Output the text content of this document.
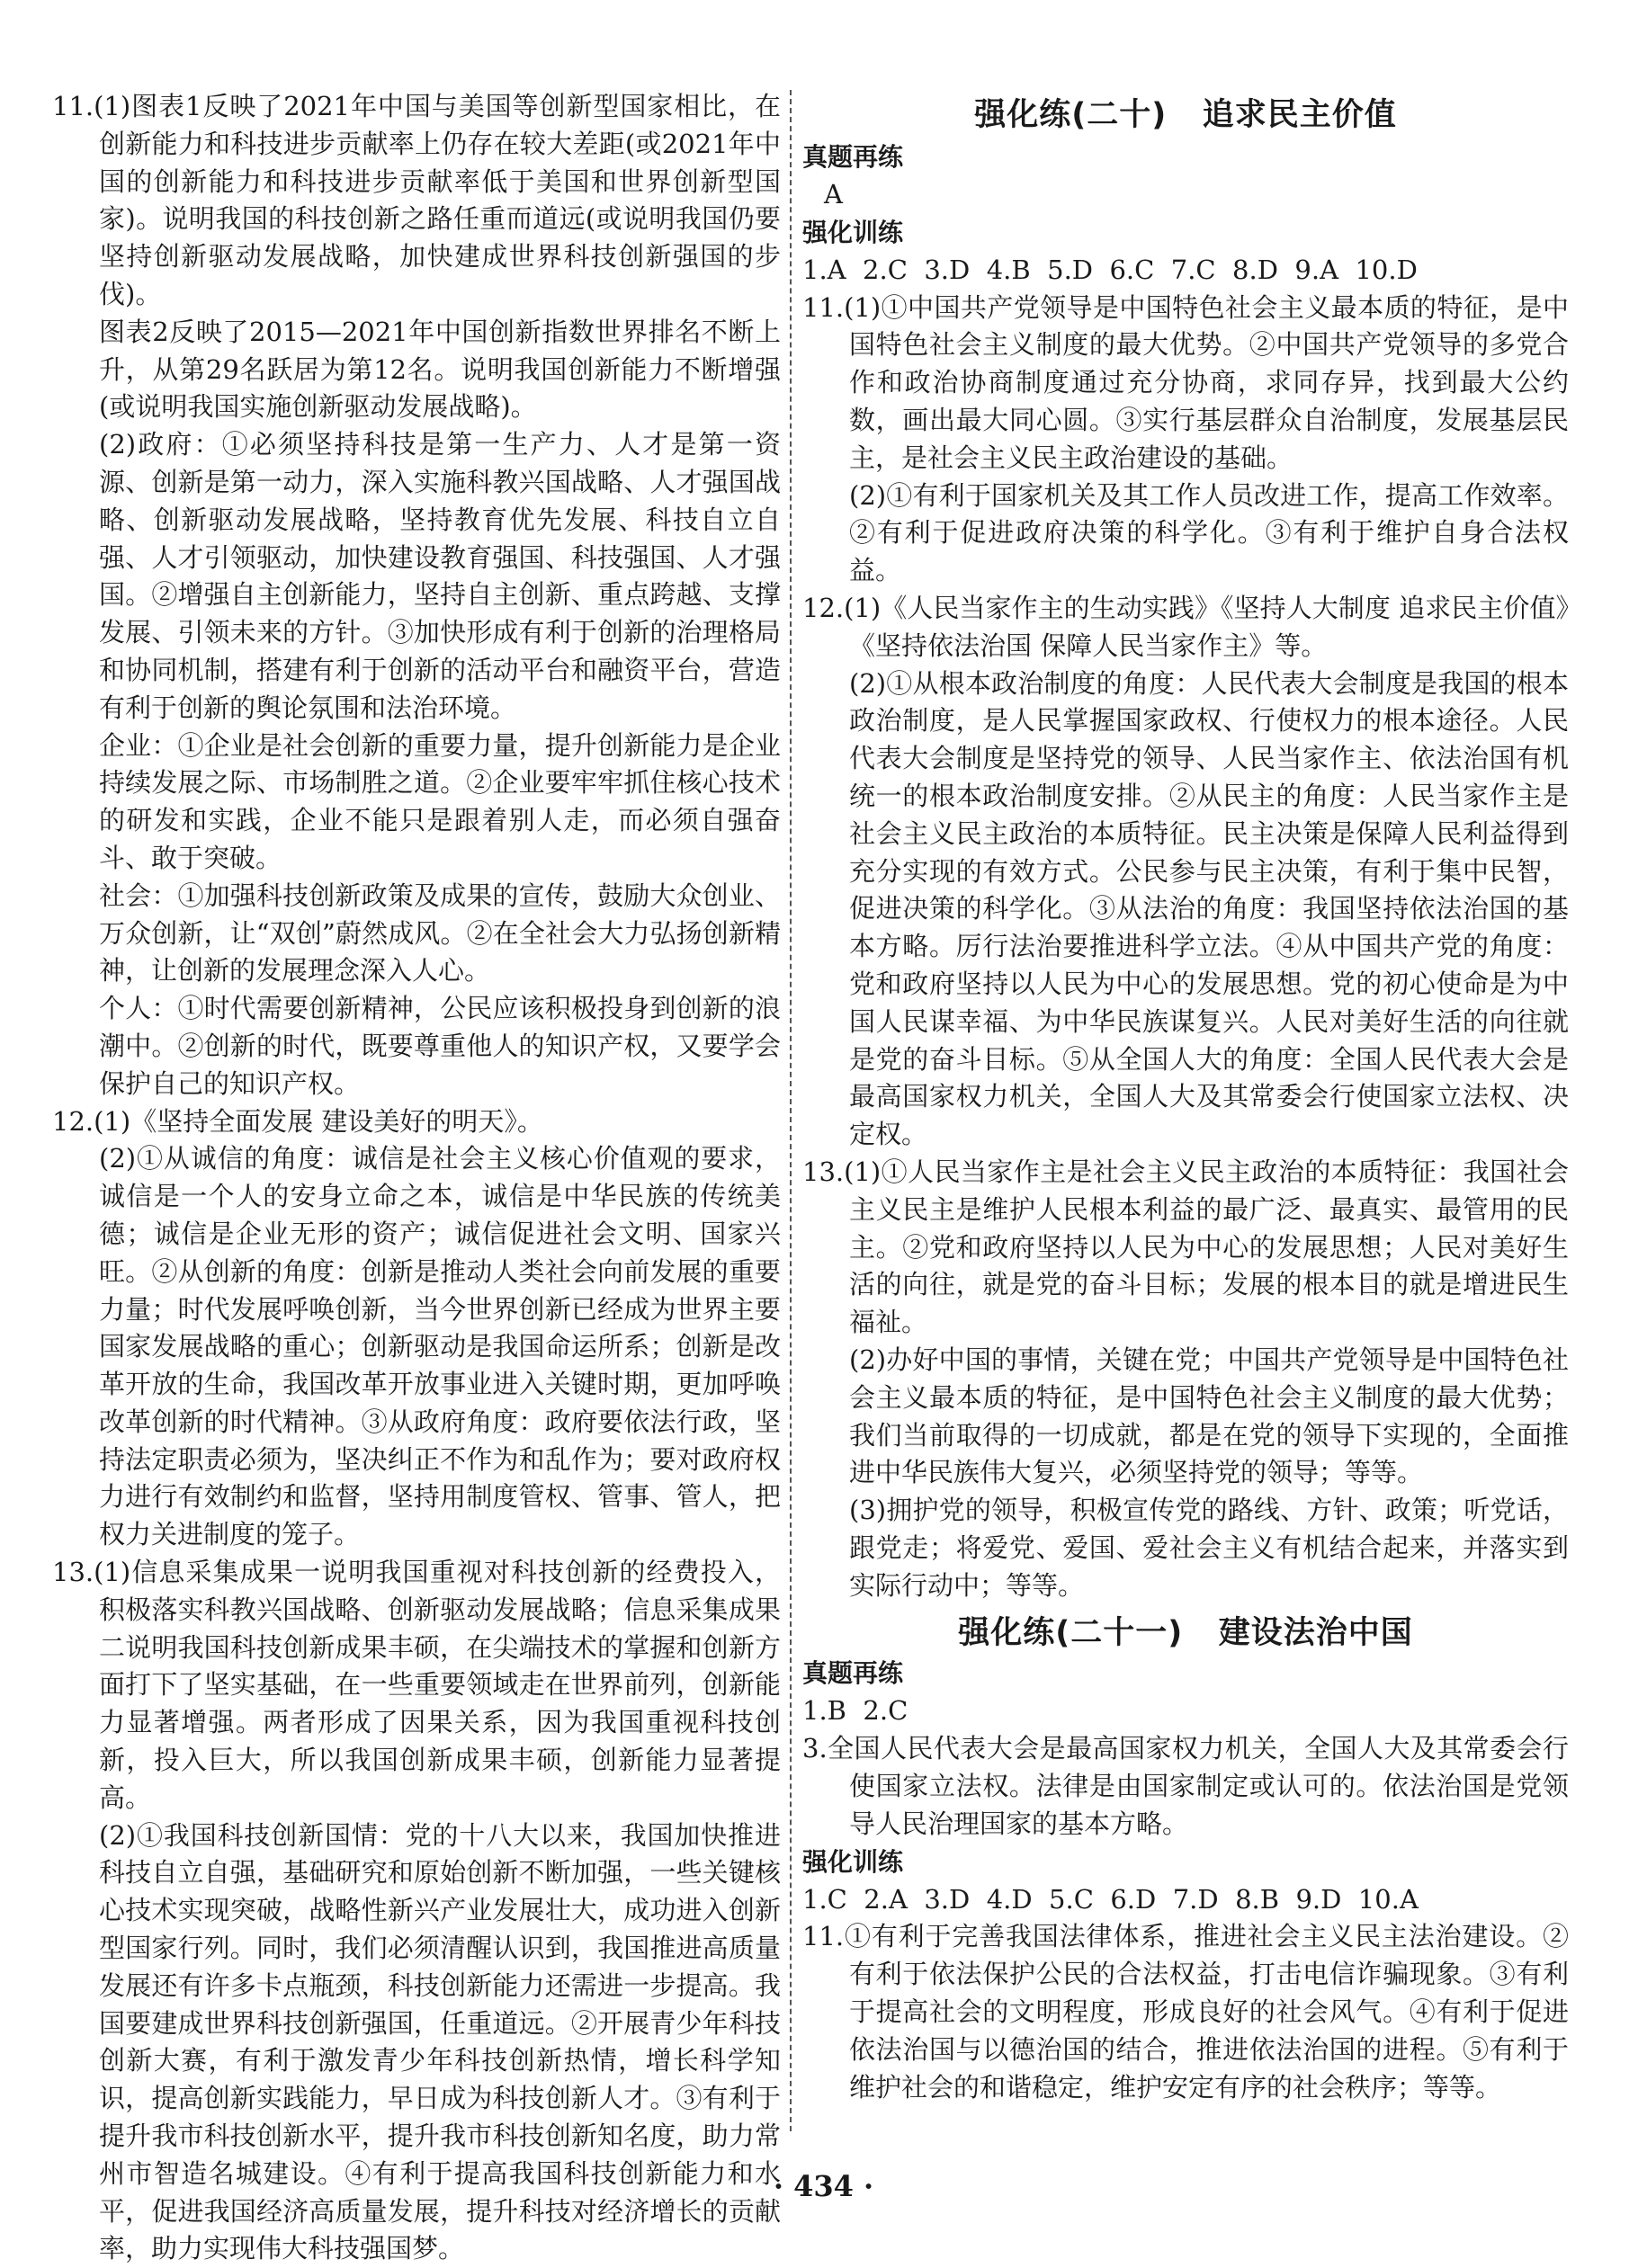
11.(1)图表1反映了2021年中国与美国等创新型国家相比，在创新能力和科技进步贡献率上仍存在较大差距(或2021年中国的创新能力和科技进步贡献率低于美国和世界创新型国家)。说明我国的科技创新之路任重而道远(或说明我国仍要坚持创新驱动发展战略，加快建成世界科技创新强国的步伐)。

图表2反映了2015—2021年中国创新指数世界排名不断上升，从第29名跃居为第12名。说明我国创新能力不断增强(或说明我国实施创新驱动发展战略)。

(2)政府：①必须坚持科技是第一生产力、人才是第一资源、创新是第一动力，深入实施科教兴国战略、人才强国战略、创新驱动发展战略，坚持教育优先发展、科技自立自强、人才引领驱动，加快建设教育强国、科技强国、人才强国。②增强自主创新能力，坚持自主创新、重点跨越、支撑发展、引领未来的方针。③加快形成有利于创新的治理格局和协同机制，搭建有利于创新的活动平台和融资平台，营造有利于创新的舆论氛围和法治环境。

企业：①企业是社会创新的重要力量，提升创新能力是企业持续发展之际、市场制胜之道。②企业要牢牢抓住核心技术的研发和实践，企业不能只是跟着别人走，而必须自强奋斗、敢于突破。

社会：①加强科技创新政策及成果的宣传，鼓励大众创业、万众创新，让“双创”蔚然成风。②在全社会大力弘扬创新精神，让创新的发展理念深入人心。

个人：①时代需要创新精神，公民应该积极投身到创新的浪潮中。②创新的时代，既要尊重他人的知识产权，又要学会保护自己的知识产权。

12.(1)《坚持全面发展 建设美好的明天》。

(2)①从诚信的角度：诚信是社会主义核心价值观的要求，诚信是一个人的安身立命之本，诚信是中华民族的传统美德；诚信是企业无形的资产；诚信促进社会文明、国家兴旺。②从创新的角度：创新是推动人类社会向前发展的重要力量；时代发展呼唤创新，当今世界创新已经成为世界主要国家发展战略的重心；创新驱动是我国命运所系；创新是改革开放的生命，我国改革开放事业进入关键时期，更加呼唤改革创新的时代精神。③从政府角度：政府要依法行政，坚持法定职责必须为，坚决纠正不作为和乱作为；要对政府权力进行有效制约和监督，坚持用制度管权、管事、管人，把权力关进制度的笼子。

13.(1)信息采集成果一说明我国重视对科技创新的经费投入，积极落实科教兴国战略、创新驱动发展战略；信息采集成果二说明我国科技创新成果丰硕，在尖端技术的掌握和创新方面打下了坚实基础，在一些重要领域走在世界前列，创新能力显著增强。两者形成了因果关系，因为我国重视科技创新，投入巨大，所以我国创新成果丰硕，创新能力显著提高。

(2)①我国科技创新国情：党的十八大以来，我国加快推进科技自立自强，基础研究和原始创新不断加强，一些关键核心技术实现突破，战略性新兴产业发展壮大，成功进入创新型国家行列。同时，我们必须清醒认识到，我国推进高质量发展还有许多卡点瓶颈，科技创新能力还需进一步提高。我国要建成世界科技创新强国，任重道远。②开展青少年科技创新大赛，有利于激发青少年科技创新热情，增长科学知识，提高创新实践能力，早日成为科技创新人才。③有利于提升我市科技创新水平，提升我市科技创新知名度，助力常州市智造名城建设。④有利于提高我国科技创新能力和水平，促进我国经济高质量发展，提升科技对经济增长的贡献率，助力实现伟大科技强国梦。

强化练(二十)   追求民主价值

真题再练

A

强化训练

1.A  2.C  3.D  4.B  5.D  6.C  7.C  8.D  9.A  10.D

11.(1)①中国共产党领导是中国特色社会主义最本质的特征，是中国特色社会主义制度的最大优势。②中国共产党领导的多党合作和政治协商制度通过充分协商，求同存异，找到最大公约数，画出最大同心圆。③实行基层群众自治制度，发展基层民主，是社会主义民主政治建设的基础。

(2)①有利于国家机关及其工作人员改进工作，提高工作效率。②有利于促进政府决策的科学化。③有利于维护自身合法权益。

12.(1)《人民当家作主的生动实践》《坚持人大制度 追求民主价值》《坚持依法治国 保障人民当家作主》等。

(2)①从根本政治制度的角度：人民代表大会制度是我国的根本政治制度，是人民掌握国家政权、行使权力的根本途径。人民代表大会制度是坚持党的领导、人民当家作主、依法治国有机统一的根本政治制度安排。②从民主的角度：人民当家作主是社会主义民主政治的本质特征。民主决策是保障人民利益得到充分实现的有效方式。公民参与民主决策，有利于集中民智，促进决策的科学化。③从法治的角度：我国坚持依法治国的基本方略。厉行法治要推进科学立法。④从中国共产党的角度：党和政府坚持以人民为中心的发展思想。党的初心使命是为中国人民谋幸福、为中华民族谋复兴。人民对美好生活的向往就是党的奋斗目标。⑤从全国人大的角度：全国人民代表大会是最高国家权力机关，全国人大及其常委会行使国家立法权、决定权。

13.(1)①人民当家作主是社会主义民主政治的本质特征：我国社会主义民主是维护人民根本利益的最广泛、最真实、最管用的民主。②党和政府坚持以人民为中心的发展思想；人民对美好生活的向往，就是党的奋斗目标；发展的根本目的就是增进民生福祉。

(2)办好中国的事情，关键在党；中国共产党领导是中国特色社会主义最本质的特征，是中国特色社会主义制度的最大优势；我们当前取得的一切成就，都是在党的领导下实现的，全面推进中华民族伟大复兴，必须坚持党的领导；等等。

(3)拥护党的领导，积极宣传党的路线、方针、政策；听党话，跟党走；将爱党、爱国、爱社会主义有机结合起来，并落实到实际行动中；等等。

强化练(二十一)   建设法治中国

真题再练

1.B  2.C

3.全国人民代表大会是最高国家权力机关，全国人大及其常委会行使国家立法权。法律是由国家制定或认可的。依法治国是党领导人民治理国家的基本方略。

强化训练

1.C  2.A  3.D  4.D  5.C  6.D  7.D  8.B  9.D  10.A

11.①有利于完善我国法律体系，推进社会主义民主法治建设。②有利于依法保护公民的合法权益，打击电信诈骗现象。③有利于提高社会的文明程度，形成良好的社会风气。④有利于促进依法治国与以德治国的结合，推进依法治国的进程。⑤有利于维护社会的和谐稳定，维护安定有序的社会秩序；等等。

· 434 ·
